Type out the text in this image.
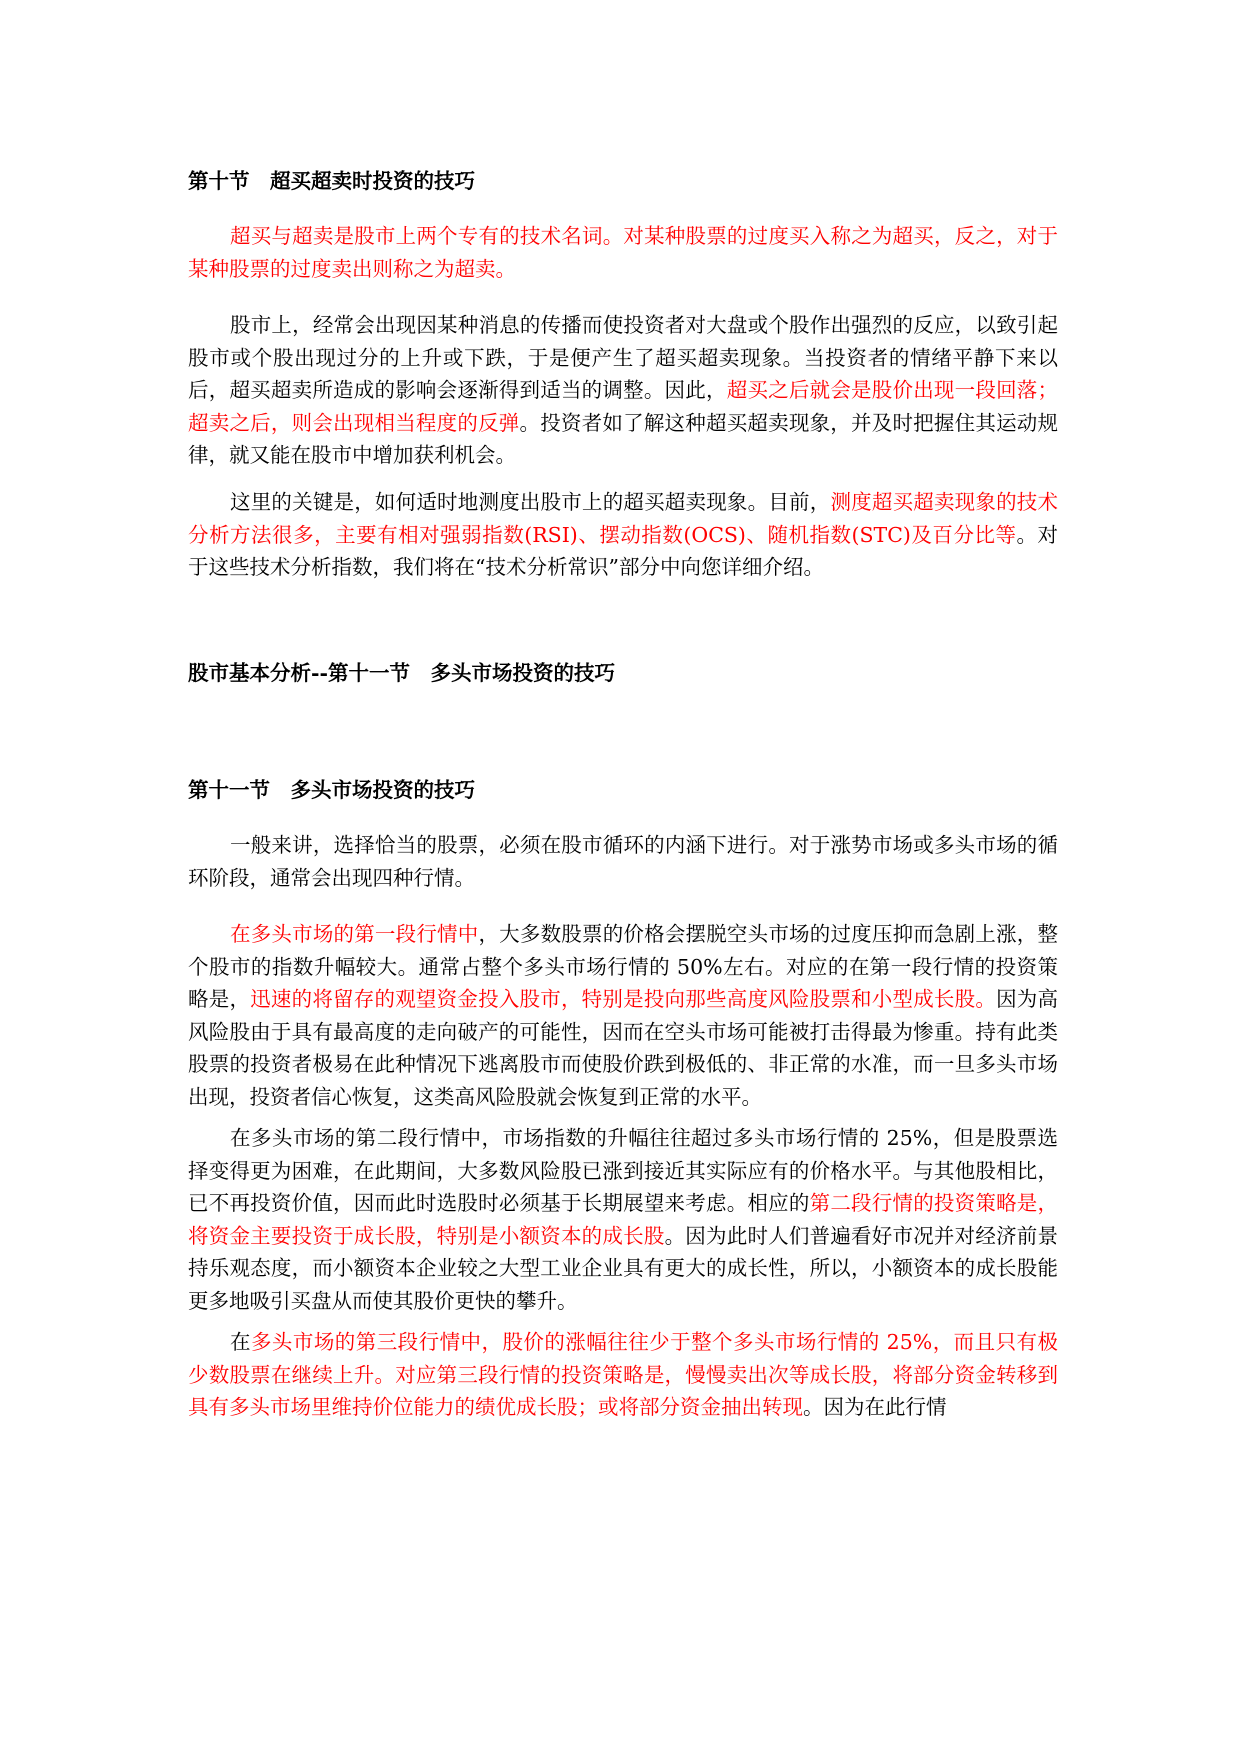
第十节　超买超卖时投资的技巧

超买与超卖是股市上两个专有的技术名词。对某种股票的过度买入称之为超买，反之，对于某种股票的过度卖出则称之为超卖。

股市上，经常会出现因某种消息的传播而使投资者对大盘或个股作出强烈的反应，以致引起股市或个股出现过分的上升或下跌，于是便产生了超买超卖现象。当投资者的情绪平静下来以后，超买超卖所造成的影响会逐渐得到适当的调整。因此，超买之后就会是股价出现一段回落；超卖之后，则会出现相当程度的反弹。投资者如了解这种超买超卖现象，并及时把握住其运动规律，就又能在股市中增加获利机会。

这里的关键是，如何适时地测度出股市上的超买超卖现象。目前，测度超买超卖现象的技术分析方法很多，主要有相对强弱指数(RSI)、摆动指数(OCS)、随机指数(STC)及百分比等。对于这些技术分析指数，我们将在“技术分析常识”部分中向您详细介绍。

股市基本分析--第十一节　多头市场投资的技巧
第十一节　多头市场投资的技巧

一般来讲，选择恰当的股票，必须在股市循环的内涵下进行。对于涨势市场或多头市场的循环阶段，通常会出现四种行情。

在多头市场的第一段行情中，大多数股票的价格会摆脱空头市场的过度压抑而急剧上涨，整个股市的指数升幅较大。通常占整个多头市场行情的 50%左右。对应的在第一段行情的投资策略是，迅速的将留存的观望资金投入股市，特别是投向那些高度风险股票和小型成长股。因为高风险股由于具有最高度的走向破产的可能性，因而在空头市场可能被打击得最为惨重。持有此类股票的投资者极易在此种情况下逃离股市而使股价跌到极低的、非正常的水准，而一旦多头市场出现，投资者信心恢复，这类高风险股就会恢复到正常的水平。

在多头市场的第二段行情中，市场指数的升幅往往超过多头市场行情的 25%，但是股票选择变得更为困难，在此期间，大多数风险股已涨到接近其实际应有的价格水平。与其他股相比，已不再投资价值，因而此时选股时必须基于长期展望来考虑。相应的第二段行情的投资策略是，将资金主要投资于成长股，特别是小额资本的成长股。因为此时人们普遍看好市况并对经济前景持乐观态度，而小额资本企业较之大型工业企业具有更大的成长性，所以，小额资本的成长股能更多地吸引买盘从而使其股价更快的攀升。

在多头市场的第三段行情中，股价的涨幅往往少于整个多头市场行情的 25%，而且只有极少数股票在继续上升。对应第三段行情的投资策略是，慢慢卖出次等成长股，将部分资金转移到具有多头市场里维持价位能力的绩优成长股；或将部分资金抽出转现。因为在此行情
